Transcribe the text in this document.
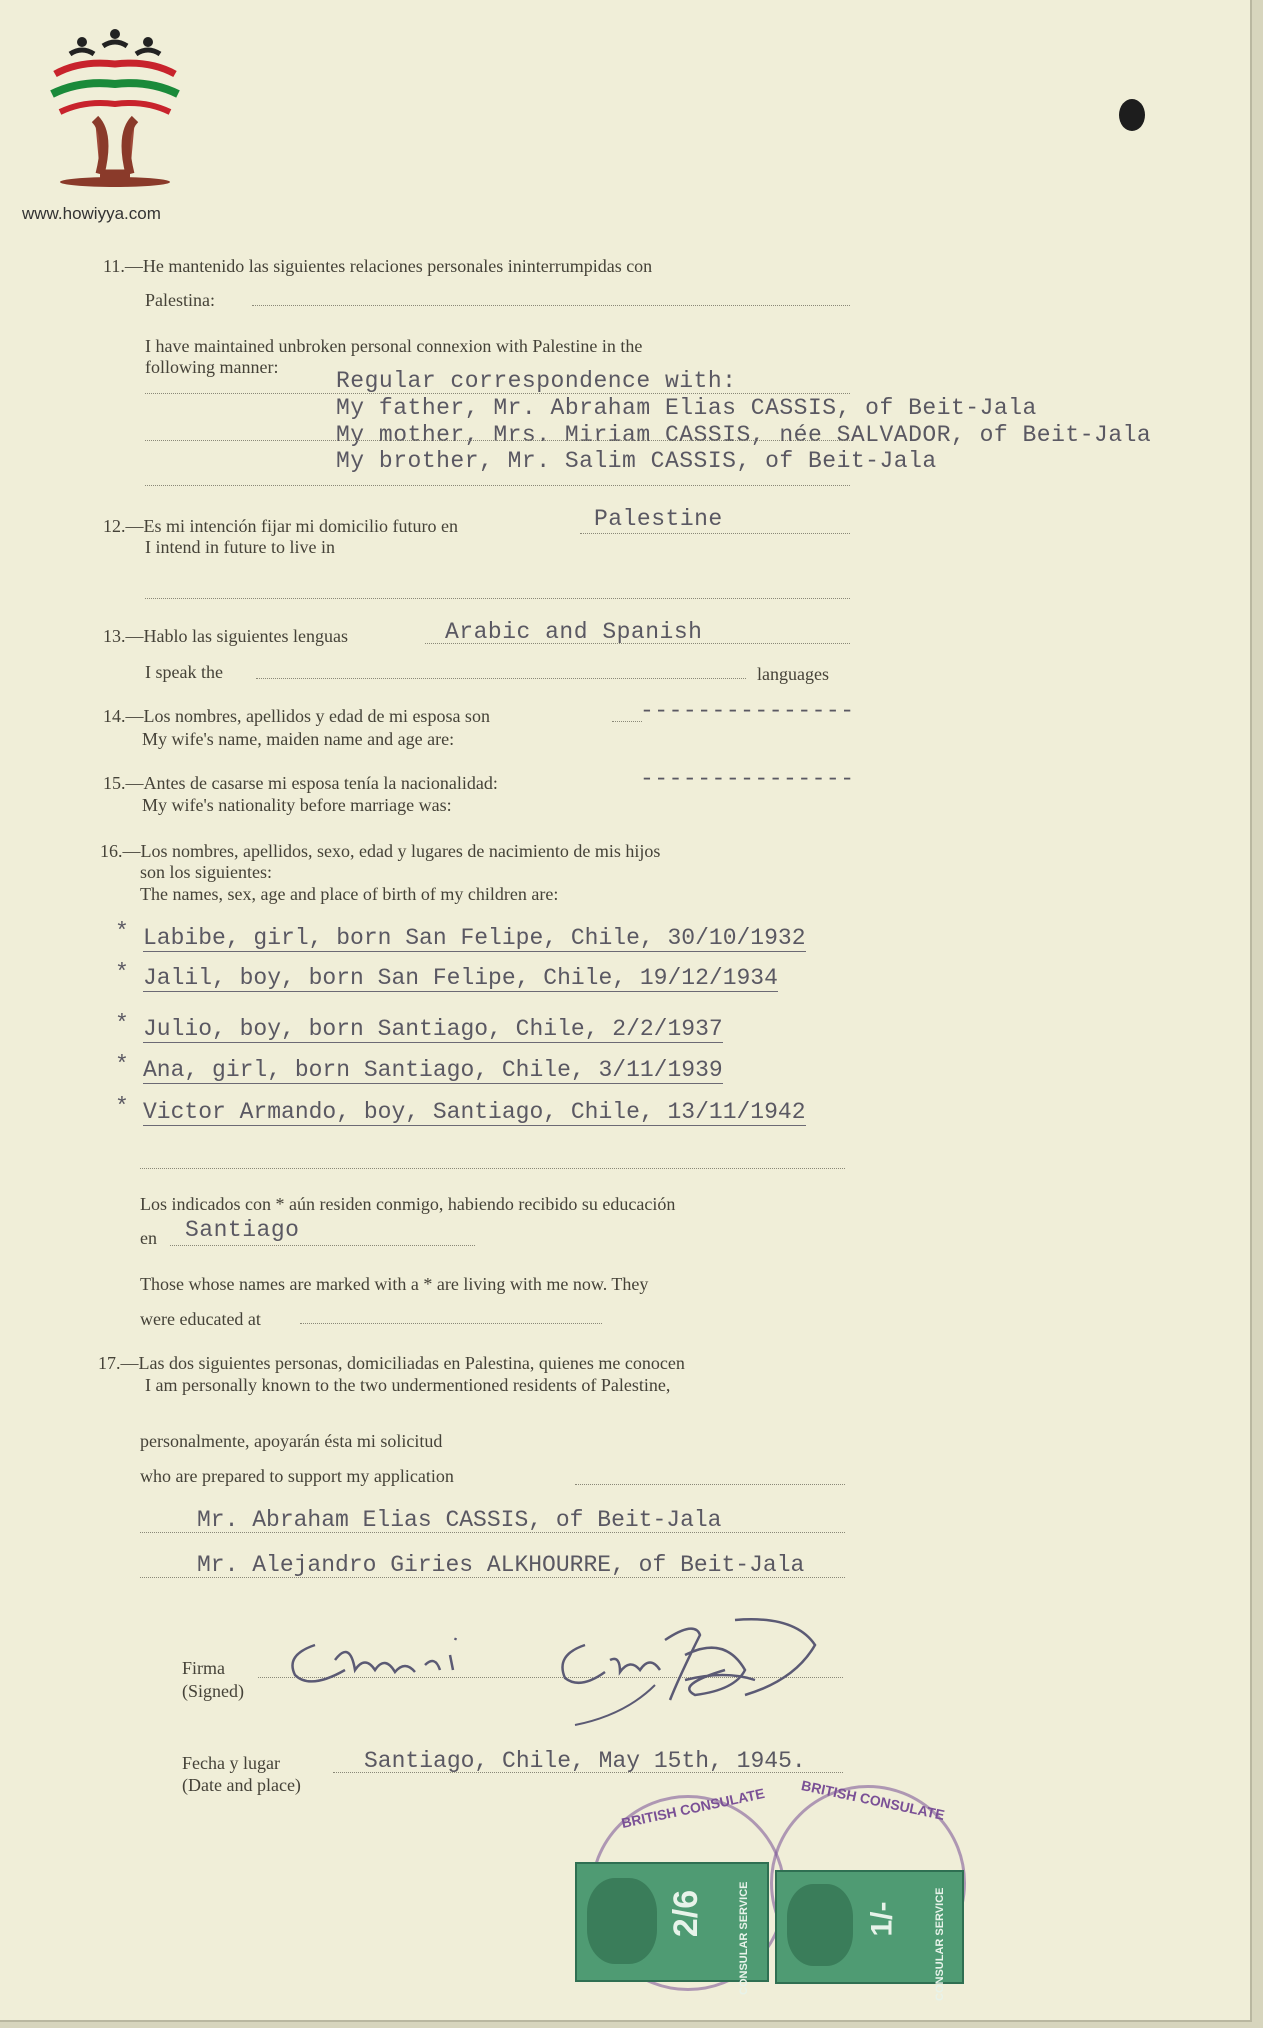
www.howiyya.com
11.—He mantenido las siguientes relaciones personales ininterrumpidas con
Palestina:
I have maintained unbroken personal connexion with Palestine in the
following manner:
Regular correspondence with:
My father, Mr. Abraham Elias CASSIS, of Beit-Jala
My mother, Mrs. Miriam CASSIS, née SALVADOR, of Beit-Jala
My brother, Mr. Salim CASSIS, of Beit-Jala
12.—Es mi intención fijar mi domicilio futuro en	Palestine
I intend in future to live in
13.—Hablo las siguientes lenguas	Arabic and Spanish
I speak the	languages
14.—Los nombres, apellidos y edad de mi esposa son	---------------
My wife's name, maiden name and age are:
15.—Antes de casarse mi esposa tenía la nacionalidad:	---------------
My wife's nationality before marriage was:
16.—Los nombres, apellidos, sexo, edad y lugares de nacimiento de mis hijos
son los siguientes:
The names, sex, age and place of birth of my children are:
* Labibe, girl, born San Felipe, Chile, 30/10/1932
* Jalil, boy, born San Felipe, Chile, 19/12/1934
* Julio, boy, born Santiago, Chile, 2/2/1937
* Ana, girl, born Santiago, Chile, 3/11/1939
* Victor Armando, boy, Santiago, Chile, 13/11/1942
Los indicados con * aún residen conmigo, habiendo recibido su educación
en Santiago
Those whose names are marked with a * are living with me now. They
were educated at
17.—Las dos siguientes personas, domiciliadas en Palestina, quienes me conocen
I am personally known to the two undermentioned residents of Palestine,
personalmente, apoyarán ésta mi solicitud
who are prepared to support my application
Mr. Abraham Elias CASSIS, of Beit-Jala
Mr. Alejandro Giries ALKHOURRE, of Beit-Jala
Firma
(Signed)
Fecha y lugar
(Date and place)
Santiago, Chile, May 15th, 1945.
BRITISH CONSULATE BRITISH CONSULATE
2/6	CONSULAR SERVICE	1/-	CONSULAR SERVICE
